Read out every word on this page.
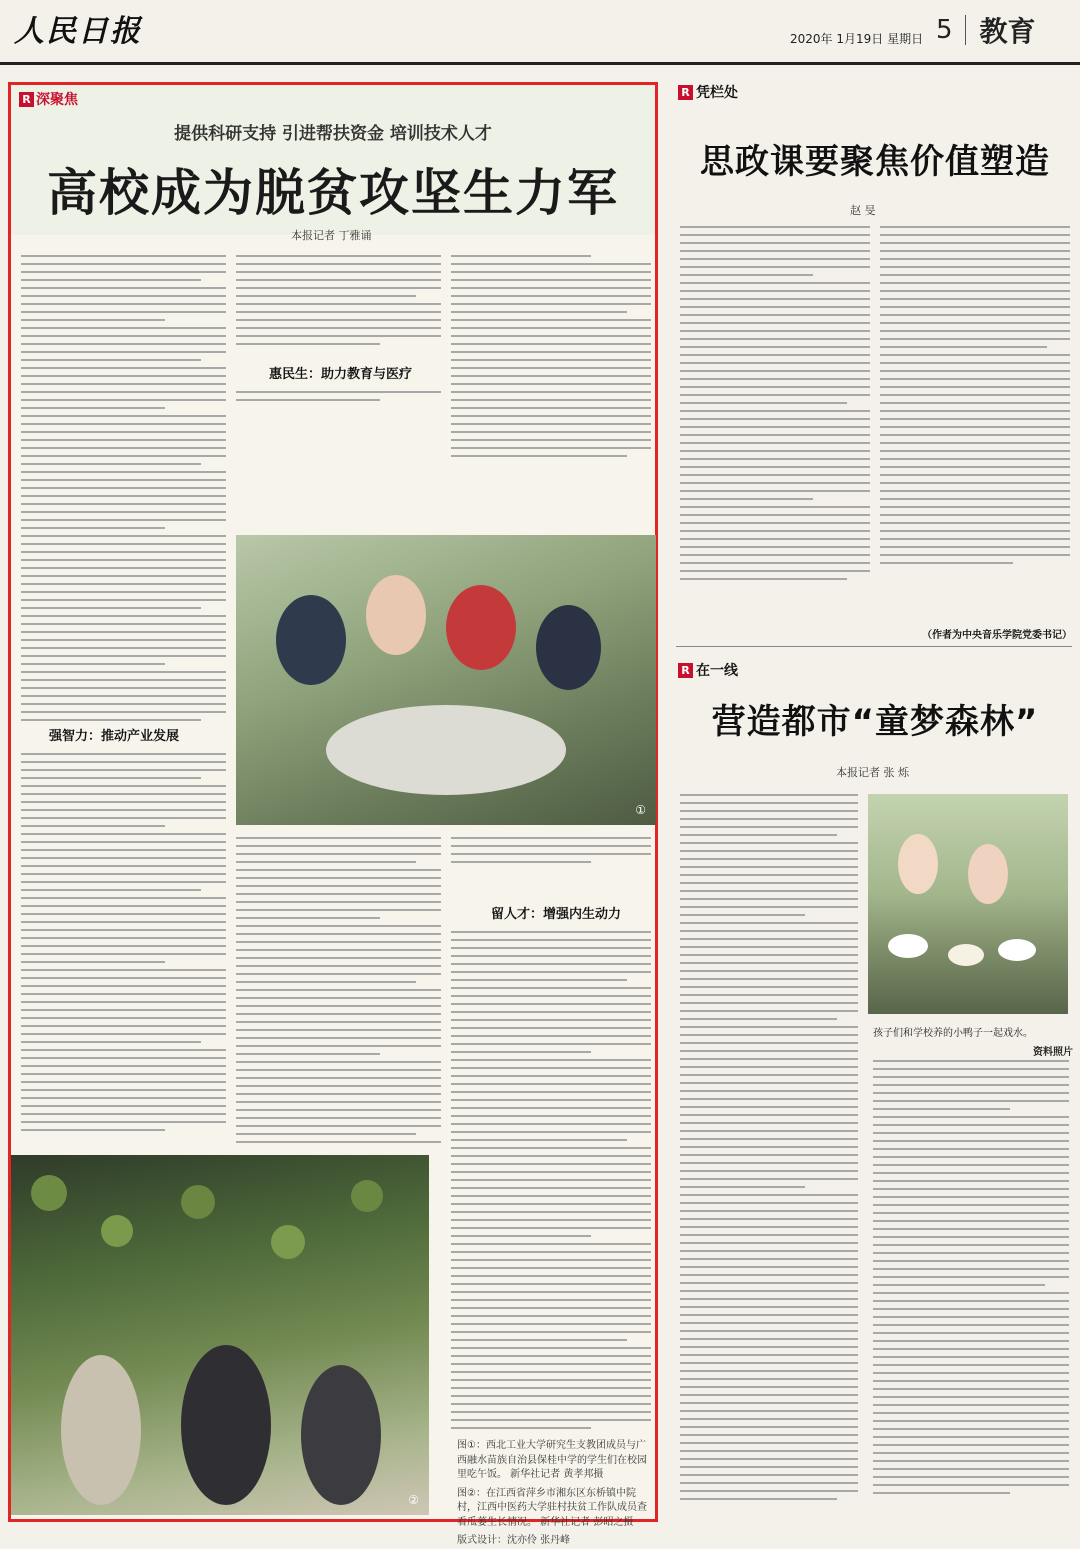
人民日报	2020年 1月19日 星期日 5 教育
R 深聚焦
提供科研支持 引进帮扶资金 培训技术人才
高校成为脱贫攻坚生力军
本报记者 丁雅诵
强智力：推动产业发展
惠民生：助力教育与医疗
①
留人才：增强内生动力
②
图①：西北工业大学研究生支教团成员与广西融水苗族自治县保桂中学的学生们在校园里吃午饭。 新华社记者 黄孝邦摄
图②：在江西省萍乡市湘东区东桥镇中院村，江西中医药大学驻村扶贫工作队成员查看瓜蒌生长情况。 新华社记者 彭昭之摄
版式设计：沈亦伶 张丹峰
R 凭栏处
思政课要聚焦价值塑造
赵 旻
（作者为中央音乐学院党委书记）
R 在一线
营造都市“童梦森林”
本报记者 张 烁
孩子们和学校养的小鸭子一起戏水。
资料照片
